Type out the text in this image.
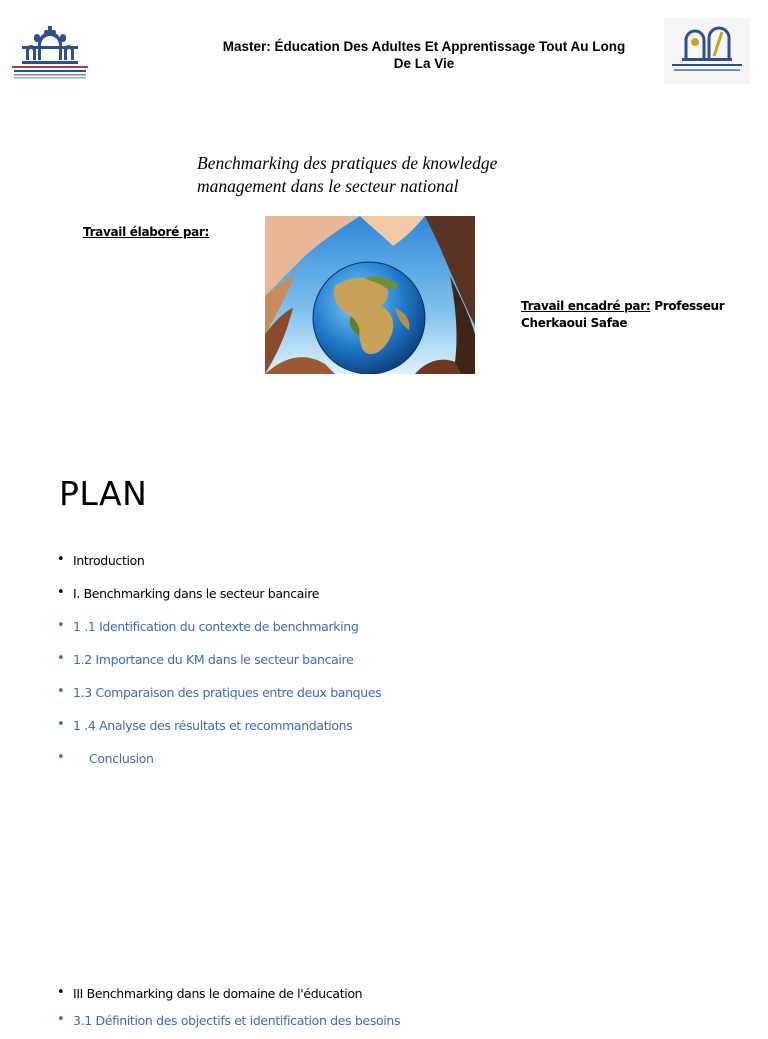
Master: Éducation Des Adultes Et Apprentissage Tout Au Long De La Vie
Benchmarking des pratiques de knowledge management dans le secteur national
Travail élaboré par:
Travail encadré par: Professeur Cherkaoui Safae
PLAN
• Introduction
• I. Benchmarking dans le secteur bancaire
• 1 .1 Identification du contexte de benchmarking
• 1.2 Importance du KM dans le secteur bancaire
• 1.3 Comparaison des pratiques entre deux banques
• 1 .4 Analyse des résultats et recommandations
• Conclusion
• III Benchmarking dans le domaine de l'éducation
• 3.1 Définition des objectifs et identification des besoins
